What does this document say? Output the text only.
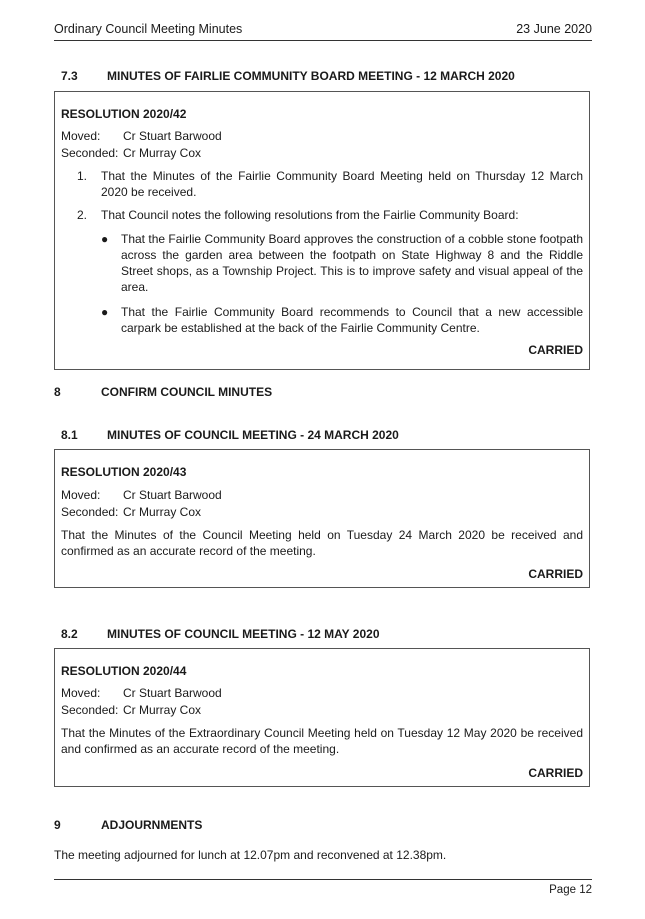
Ordinary Council Meeting Minutes	23 June 2020
7.3 MINUTES OF FAIRLIE COMMUNITY BOARD MEETING - 12 MARCH 2020
RESOLUTION 2020/42
Moved: Cr Stuart Barwood
Seconded: Cr Murray Cox
1. That the Minutes of the Fairlie Community Board Meeting held on Thursday 12 March 2020 be received.
2. That Council notes the following resolutions from the Fairlie Community Board:
● That the Fairlie Community Board approves the construction of a cobble stone footpath across the garden area between the footpath on State Highway 8 and the Riddle Street shops, as a Township Project. This is to improve safety and visual appeal of the area.
● That the Fairlie Community Board recommends to Council that a new accessible carpark be established at the back of the Fairlie Community Centre.
CARRIED
8	CONFIRM COUNCIL MINUTES
8.1 MINUTES OF COUNCIL MEETING - 24 MARCH 2020
RESOLUTION 2020/43
Moved: Cr Stuart Barwood
Seconded: Cr Murray Cox
That the Minutes of the Council Meeting held on Tuesday 24 March 2020 be received and confirmed as an accurate record of the meeting.
CARRIED
8.2 MINUTES OF COUNCIL MEETING - 12 MAY 2020
RESOLUTION 2020/44
Moved: Cr Stuart Barwood
Seconded: Cr Murray Cox
That the Minutes of the Extraordinary Council Meeting held on Tuesday 12 May 2020 be received and confirmed as an accurate record of the meeting.
CARRIED
9	ADJOURNMENTS
The meeting adjourned for lunch at 12.07pm and reconvened at 12.38pm.
Page 12
